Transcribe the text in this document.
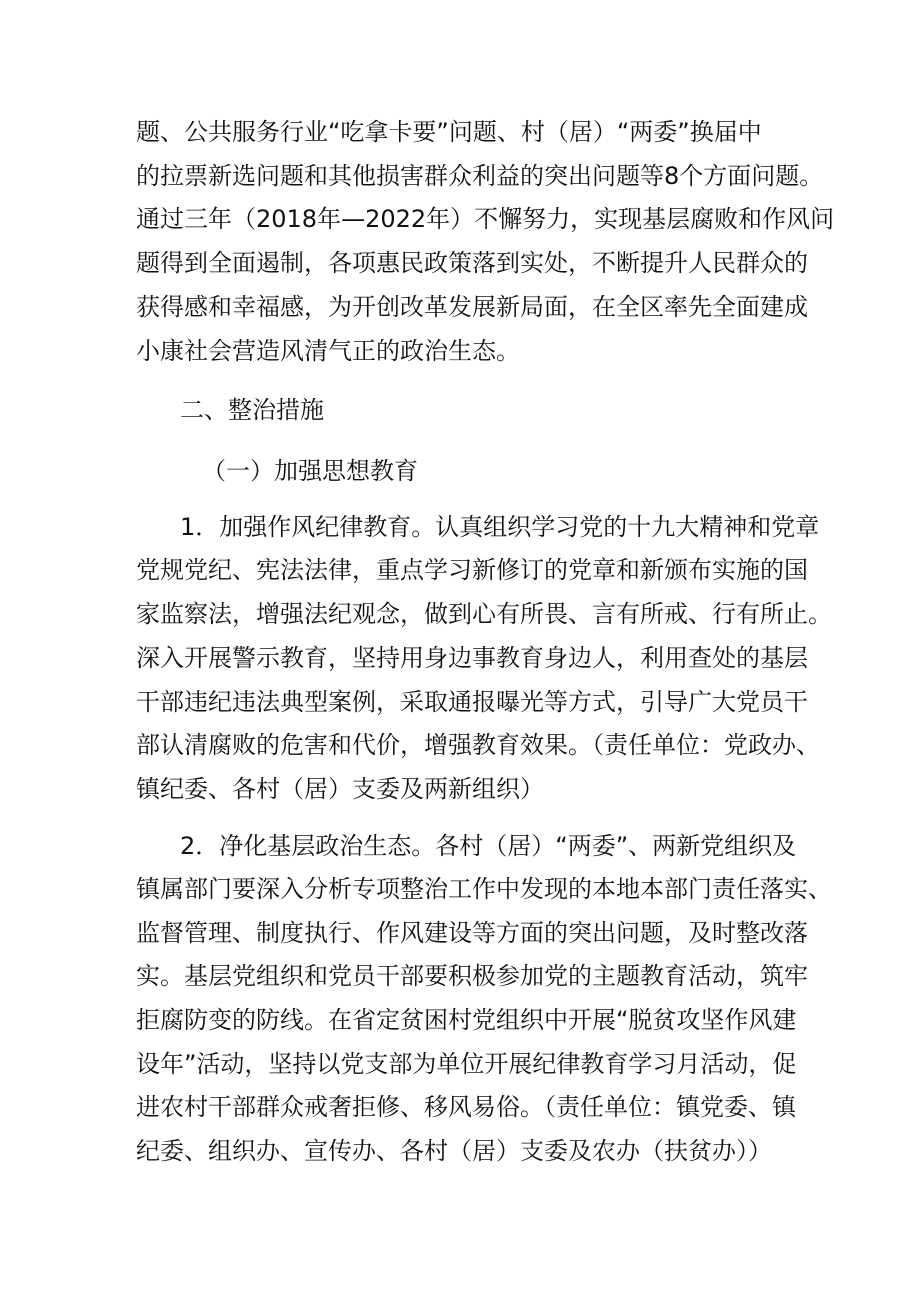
题、公共服务行业“吃拿卡要”问题、村（居）“两委”换届中
的拉票新选问题和其他损害群众利益的突出问题等8个方面问题。
通过三年（2018年—2022年）不懈努力，实现基层腐败和作风问
题得到全面遏制，各项惠民政策落到实处，不断提升人民群众的
获得感和幸福感，为开创改革发展新局面，在全区率先全面建成
小康社会营造风清气正的政治生态。
二、整治措施
（一）加强思想教育
1．加强作风纪律教育。认真组织学习党的十九大精神和党章
党规党纪、宪法法律，重点学习新修订的党章和新颁布实施的国
家监察法，增强法纪观念，做到心有所畏、言有所戒、行有所止。
深入开展警示教育，坚持用身边事教育身边人，利用查处的基层
干部违纪违法典型案例，采取通报曝光等方式，引导广大党员干
部认清腐败的危害和代价，增强教育效果。（责任单位：党政办、
镇纪委、各村（居）支委及两新组织）
2．净化基层政治生态。各村（居）“两委”、两新党组织及
镇属部门要深入分析专项整治工作中发现的本地本部门责任落实、
监督管理、制度执行、作风建设等方面的突出问题，及时整改落
实。基层党组织和党员干部要积极参加党的主题教育活动，筑牢
拒腐防变的防线。在省定贫困村党组织中开展“脱贫攻坚作风建
设年”活动，坚持以党支部为单位开展纪律教育学习月活动，促
进农村干部群众戒奢拒修、移风易俗。（责任单位：镇党委、镇
纪委、组织办、宣传办、各村（居）支委及农办（扶贫办））
